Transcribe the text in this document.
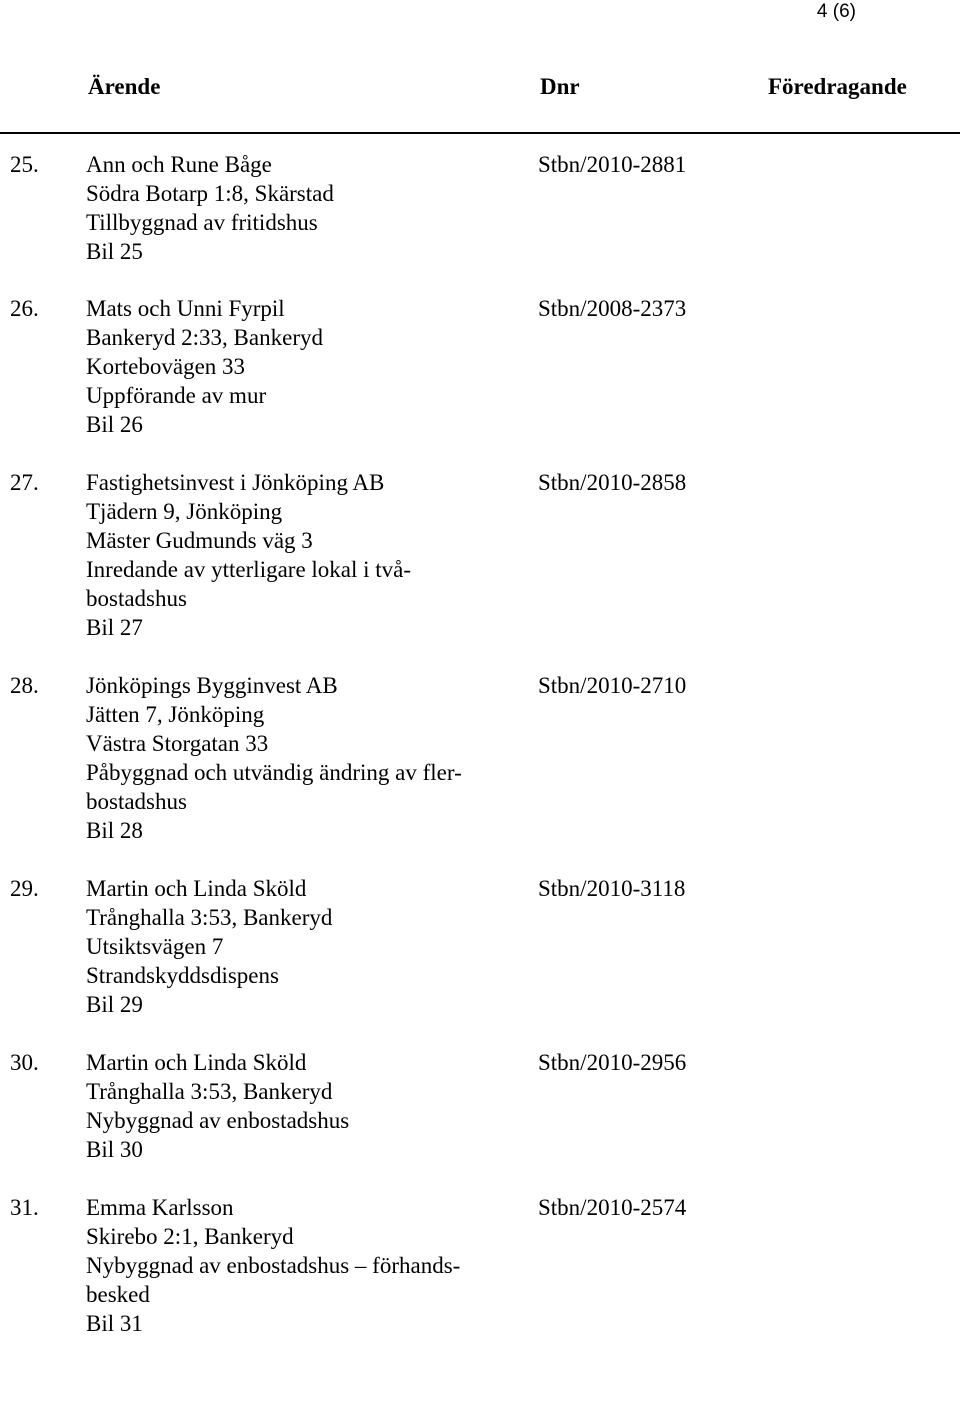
4 (6)
Ärende	Dnr	Föredragande
25. Ann och Rune Båge
Södra Botarp 1:8, Skärstad
Tillbyggnad av fritidshus
Bil 25
Stbn/2010-2881
26. Mats och Unni Fyrpil
Bankeryd 2:33, Bankeryd
Kortebovägen 33
Uppförande av mur
Bil 26
Stbn/2008-2373
27. Fastighetsinvest i Jönköping AB
Tjädern 9, Jönköping
Mäster Gudmunds väg 3
Inredande av ytterligare lokal i två-
bostadshus
Bil 27
Stbn/2010-2858
28. Jönköpings Bygginvest AB
Jätten 7, Jönköping
Västra Storgatan 33
Påbyggnad och utvändig ändring av fler-
bostadshus
Bil 28
Stbn/2010-2710
29. Martin och Linda Sköld
Trånghalla 3:53, Bankeryd
Utsiktsvägen 7
Strandskyddsdispens
Bil 29
Stbn/2010-3118
30. Martin och Linda Sköld
Trånghalla 3:53, Bankeryd
Nybyggnad av enbostadshus
Bil 30
Stbn/2010-2956
31. Emma Karlsson
Skirebo 2:1, Bankeryd
Nybyggnad av enbostadshus – förhands-
besked
Bil 31
Stbn/2010-2574
